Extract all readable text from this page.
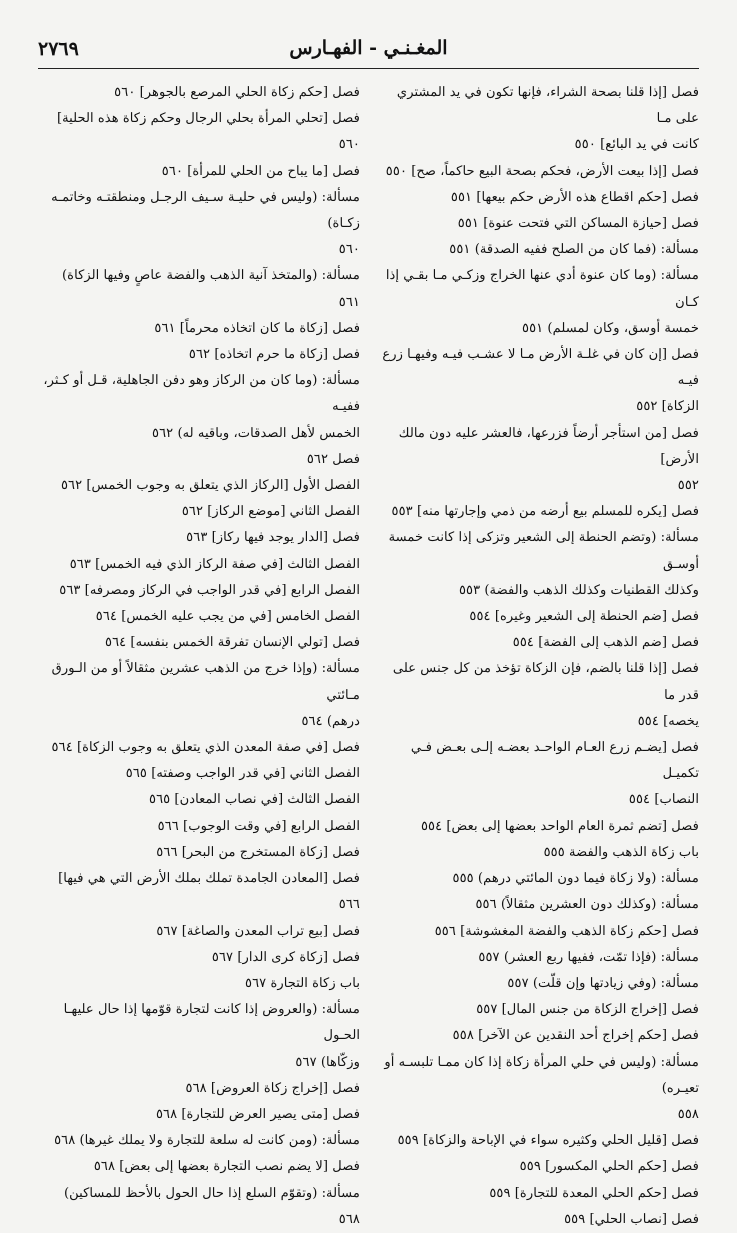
٢٧٦٩	المغـنـي - الفهـارس
فصل [إذا قلنا بصحة الشراء، فإنها تكون في يد المشتري على مـا
كانت في يد البائع] ٥٥٠
فصل [إذا بيعت الأرض، فحكم بصحة البيع حاكماً، صح] ٥٥٠
فصل [حكم اقطاع هذه الأرض حكم بيعها] ٥٥١
فصل [حيازة المساكن التي فتحت عنوة] ٥٥١
مسألة: (فما كان من الصلح ففيه الصدقة) ٥٥١
مسألة: (وما كان عنوة أدي عنها الخراج وزكـي مـا بقـي إذا كـان
خمسة أوسق، وكان لمسلم) ٥٥١
فصل [إن كان في غلـة الأرض مـا لا عشـب فيـه وفيهـا زرع فيـه
الزكاة] ٥٥٢
فصل [من استأجر أرضاً فزرعها، فالعشر عليه دون مالك الأرض]
٥٥٢
فصل [يكره للمسلم بيع أرضه من ذمي وإجارتها منه] ٥٥٣
مسألة: (وتضم الحنطة إلى الشعير وتزكى إذا كانت خمسة أوسـق
وكذلك القطنيات وكذلك الذهب والفضة) ٥٥٣
فصل [ضم الحنطة إلى الشعير وغيره] ٥٥٤
فصل [ضم الذهب إلى الفضة] ٥٥٤
فصل [إذا قلنا بالضم، فإن الزكاة تؤخذ من كل جنس على قدر ما
يخصه] ٥٥٤
فصل [يضـم زرع العـام الواحـد بعضـه إلـى بعـض فـي تكميـل
النصاب] ٥٥٤
فصل [تضم ثمرة العام الواحد بعضها إلى بعض] ٥٥٤
باب زكاة الذهب والفضة ٥٥٥
مسألة: (ولا زكاة فيما دون المائتي درهم) ٥٥٥
مسألة: (وكذلك دون العشرين مثقالاً) ٥٥٦
فصل [حكم زكاة الذهب والفضة المغشوشة] ٥٥٦
مسألة: (فإذا تمّت، ففيها ربع العشر) ٥٥٧
مسألة: (وفي زيادتها وإن قلّت) ٥٥٧
فصل [إخراج الزكاة من جنس المال] ٥٥٧
فصل [حكم إخراج أحد النقدين عن الآخر] ٥٥٨
مسألة: (وليس في حلي المرأة زكاة إذا كان ممـا تلبسـه أو تعيـره)
٥٥٨
فصل [قليل الحلي وكثيره سواء في الإباحة والزكاة] ٥٥٩
فصل [حكم الحلي المكسور] ٥٥٩
فصل [حكم الحلي المعدة للتجارة] ٥٥٩
فصل [نصاب الحلي] ٥٥٩
فصل [حكم زكاة الحلي المرصع بالجوهر] ٥٦٠
فصل [تحلي المرأة بحلي الرجال وحكم زكاة هذه الحلية] ٥٦٠
فصل [ما يباح من الحلي للمرأة] ٥٦٠
مسألة: (وليس في حليـة سـيف الرجـل ومنطقتـه وخاتمـه زكـاة)
٥٦٠
مسألة: (والمتخذ آنية الذهب والفضة عاصٍ وفيها الزكاة) ٥٦١
فصل [زكاة ما كان اتخاذه محرماً] ٥٦١
فصل [زكاة ما حرم اتخاذه] ٥٦٢
مسألة: (وما كان من الركاز وهو دفن الجاهلية، قـل أو كـثر، ففيـه
الخمس لأهل الصدقات، وباقيه له) ٥٦٢
فصل ٥٦٢
الفصل الأول [الركاز الذي يتعلق به وجوب الخمس] ٥٦٢
الفصل الثاني [موضع الركاز] ٥٦٢
فصل [الدار يوجد فيها ركاز] ٥٦٣
الفصل الثالث [في صفة الركاز الذي فيه الخمس] ٥٦٣
الفصل الرابع [في قدر الواجب في الركاز ومصرفه] ٥٦٣
الفصل الخامس [في من يجب عليه الخمس] ٥٦٤
فصل [تولي الإنسان تفرقة الخمس بنفسه] ٥٦٤
مسألة: (وإذا خرج من الذهب عشرين مثقالاً أو من الـورق مـائتي
درهم) ٥٦٤
فصل [في صفة المعدن الذي يتعلق به وجوب الزكاة] ٥٦٤
الفصل الثاني [في قدر الواجب وصفته] ٥٦٥
الفصل الثالث [في نصاب المعادن] ٥٦٥
الفصل الرابع [في وقت الوجوب] ٥٦٦
فصل [زكاة المستخرج من البحر] ٥٦٦
فصل [المعادن الجامدة تملك بملك الأرض التي هي فيها] ٥٦٦
فصل [بيع تراب المعدن والصاغة] ٥٦٧
فصل [زكاة كرى الدار] ٥٦٧
باب زكاة التجارة ٥٦٧
مسألة: (والعروض إذا كانت لتجارة قوّمها إذا حال عليهـا الحـول
وزكّاها) ٥٦٧
فصل [إخراج زكاة العروض] ٥٦٨
فصل [متى يصير العرض للتجارة] ٥٦٨
مسألة: (ومن كانت له سلعة للتجارة ولا يملك غيرها) ٥٦٨
فصل [لا يضم نصب التجارة بعضها إلى بعض] ٥٦٨
مسألة: (وتقوّم السلع إذا حال الحول بالأحظ للمساكين) ٥٦٨
